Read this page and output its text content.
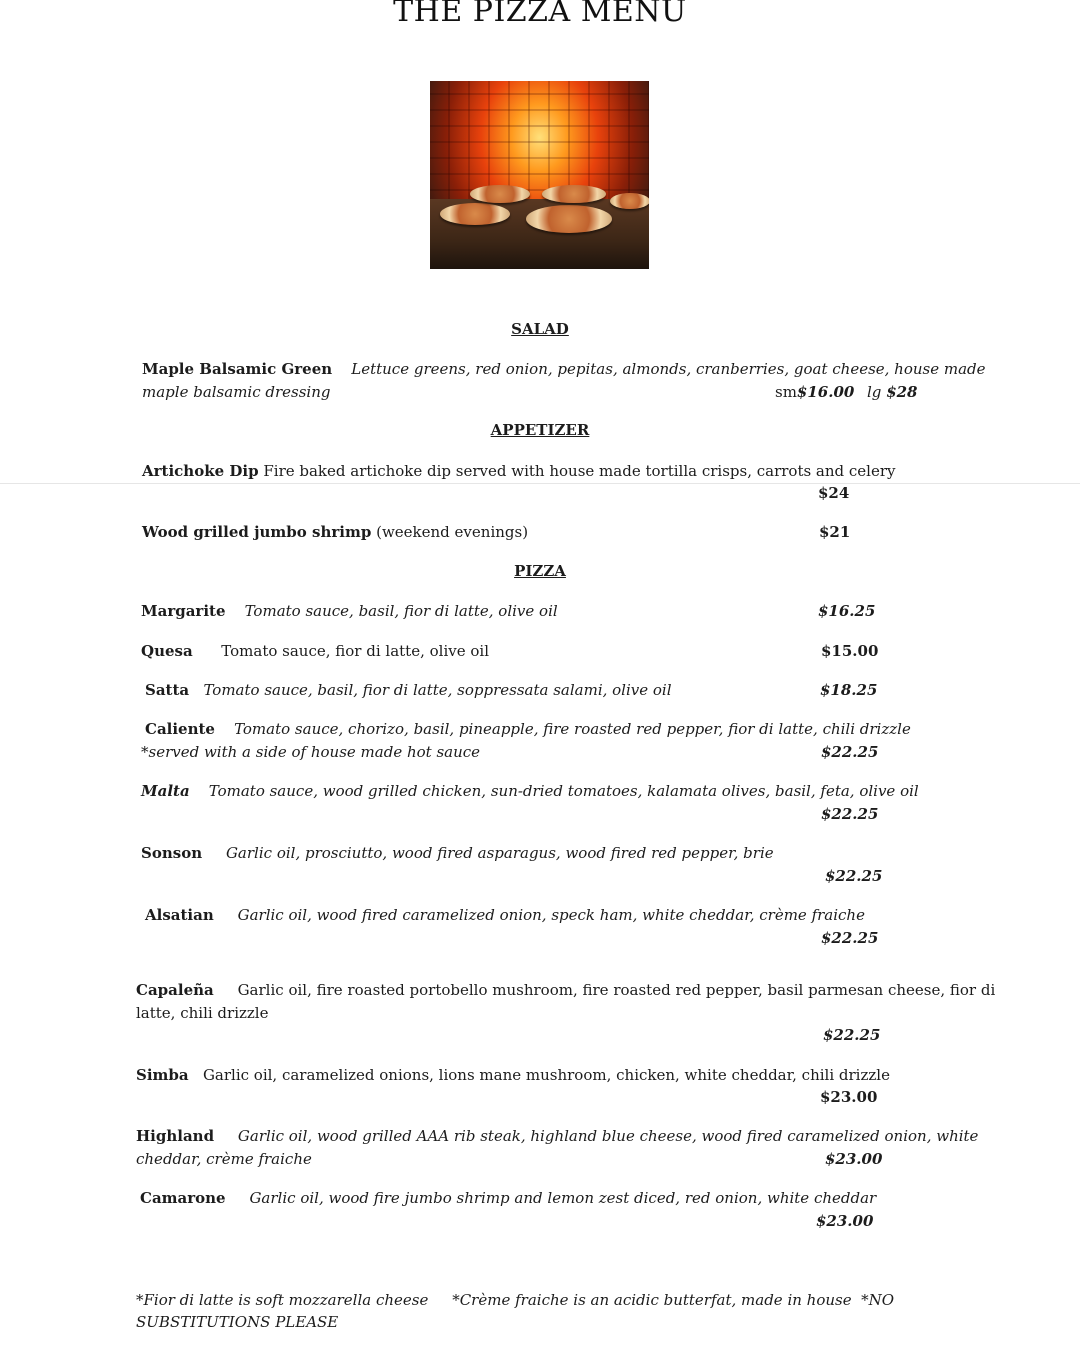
THE PIZZA MENU
SALAD
Maple Balsamic Green Lettuce greens, red onion, pepitas, almonds, cranberries, goat cheese, house made
maple balsamic dressing	sm$16.00 lg $28
APPETIZER
Artichoke Dip Fire baked artichoke dip served with house made tortilla crisps, carrots and celery
$24
Wood grilled jumbo shrimp (weekend evenings)	$21
PIZZA
Margarite Tomato sauce, basil, fior di latte, olive oil	$16.25
Quesa Tomato sauce, fior di latte, olive oil	$15.00
Satta Tomato sauce, basil, fior di latte, soppressata salami, olive oil	$18.25
Caliente Tomato sauce, chorizo, basil, pineapple, fire roasted red pepper, fior di latte, chili drizzle
*served with a side of house made hot sauce	$22.25
Malta Tomato sauce, wood grilled chicken, sun-dried tomatoes, kalamata olives, basil, feta, olive oil
$22.25
Sonson Garlic oil, prosciutto, wood fired asparagus, wood fired red pepper, brie
$22.25
Alsatian Garlic oil, wood fired caramelized onion, speck ham, white cheddar, crème fraiche
$22.25
Capaleña Garlic oil, fire roasted portobello mushroom, fire roasted red pepper, basil parmesan cheese, fior di
latte, chili drizzle
$22.25
Simba Garlic oil, caramelized onions, lions mane mushroom, chicken, white cheddar, chili drizzle
$23.00
Highland Garlic oil, wood grilled AAA rib steak, highland blue cheese, wood fired caramelized onion, white
cheddar, crème fraiche	$23.00
Camarone Garlic oil, wood fire jumbo shrimp and lemon zest diced, red onion, white cheddar
$23.00
*Fior di latte is soft mozzarella cheese     *Crème fraiche is an acidic butterfat, made in house  *NO
SUBSTITUTIONS PLEASE
